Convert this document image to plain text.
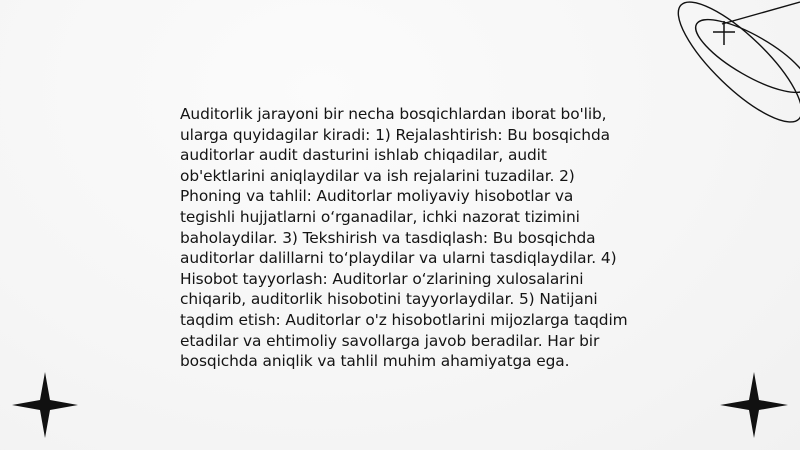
Auditorlik jarayoni bir necha bosqichlardan iborat bo'lib, ularga quyidagilar kiradi: 1) Rejalashtirish: Bu bosqichda auditorlar audit dasturini ishlab chiqadilar, audit ob'ektlarini aniqlaydilar va ish rejalarini tuzadilar. 2) Phoning va tahlil: Auditorlar moliyaviy hisobotlar va tegishli hujjatlarni o‘rganadilar, ichki nazorat tizimini baholaydilar. 3) Tekshirish va tasdiqlash: Bu bosqichda auditorlar dalillarni to‘playdilar va ularni tasdiqlaydilar. 4) Hisobot tayyorlash: Auditorlar o‘zlarining xulosalarini chiqarib, auditorlik hisobotini tayyorlaydilar. 5) Natijani taqdim etish: Auditorlar o'z hisobotlarini mijozlarga taqdim etadilar va ehtimoliy savollarga javob beradilar. Har bir bosqichda aniqlik va tahlil muhim ahamiyatga ega.
